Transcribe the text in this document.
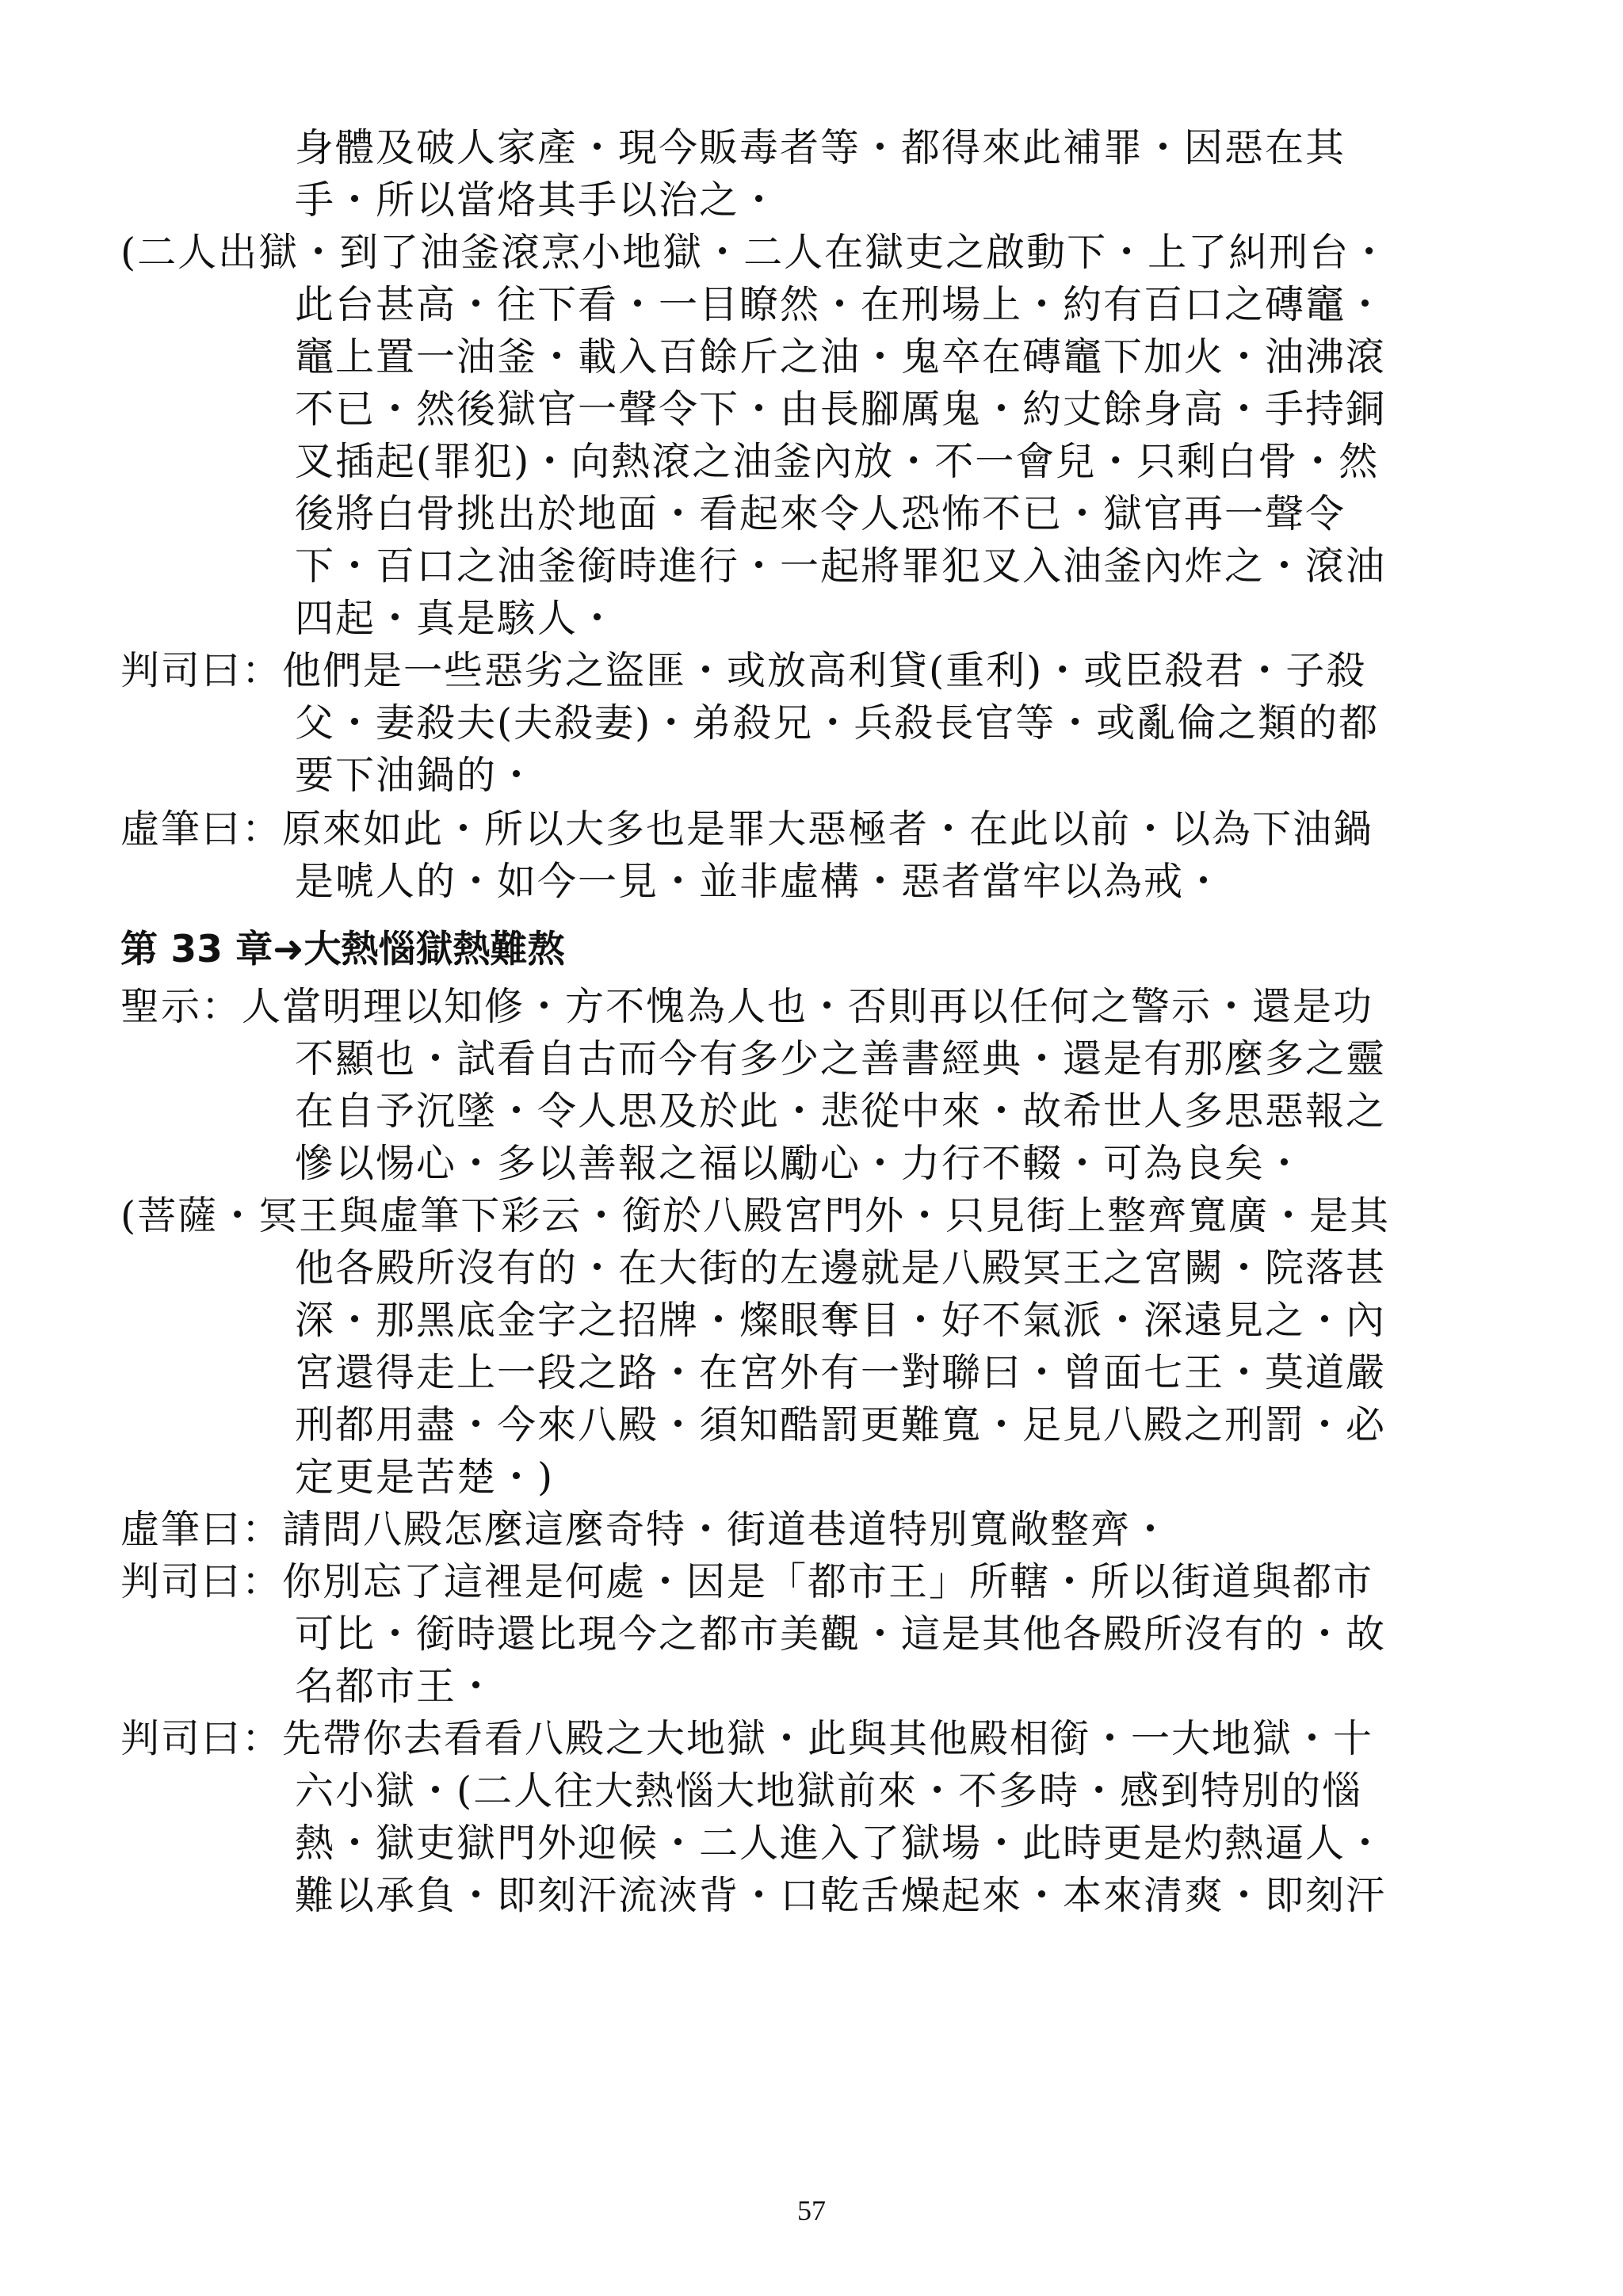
身體及破人家產・現今販毒者等・都得來此補罪・因惡在其
手・所以當烙其手以治之・
(二人出獄・到了油釜滾烹小地獄・二人在獄吏之啟動下・上了糾刑台・
此台甚高・往下看・一目瞭然・在刑場上・約有百口之磚竈・
竈上置一油釜・載入百餘斤之油・鬼卒在磚竈下加火・油沸滾
不已・然後獄官一聲令下・由長腳厲鬼・約丈餘身高・手持銅
叉插起(罪犯)・向熱滾之油釜內放・不一會兒・只剩白骨・然
後將白骨挑出於地面・看起來令人恐怖不已・獄官再一聲令
下・百口之油釜銜時進行・一起將罪犯叉入油釜內炸之・滾油
四起・真是駭人・
判司曰：他們是一些惡劣之盜匪・或放高利貸(重利)・或臣殺君・子殺
父・妻殺夫(夫殺妻)・弟殺兄・兵殺長官等・或亂倫之類的都
要下油鍋的・
虛筆曰：原來如此・所以大多也是罪大惡極者・在此以前・以為下油鍋
是唬人的・如今一見・並非虛構・惡者當牢以為戒・
第 33 章➜大熱惱獄熱難熬
聖示：人當明理以知修・方不愧為人也・否則再以任何之警示・還是功
不顯也・試看自古而今有多少之善書經典・還是有那麼多之靈
在自予沉墜・令人思及於此・悲從中來・故希世人多思惡報之
慘以惕心・多以善報之福以勵心・力行不輟・可為良矣・
(菩薩・冥王與虛筆下彩云・銜於八殿宮門外・只見街上整齊寬廣・是其
他各殿所沒有的・在大街的左邊就是八殿冥王之宮闕・院落甚
深・那黑底金字之招牌・燦眼奪目・好不氣派・深遠見之・內
宮還得走上一段之路・在宮外有一對聯曰・曾面七王・莫道嚴
刑都用盡・今來八殿・須知酷罰更難寬・足見八殿之刑罰・必
定更是苦楚・)
虛筆曰：請問八殿怎麼這麼奇特・街道巷道特別寬敞整齊・
判司曰：你別忘了這裡是何處・因是「都市王」所轄・所以街道與都市
可比・銜時還比現今之都市美觀・這是其他各殿所沒有的・故
名都市王・
判司曰：先帶你去看看八殿之大地獄・此與其他殿相銜・一大地獄・十
六小獄・(二人往大熱惱大地獄前來・不多時・感到特別的惱
熱・獄吏獄門外迎候・二人進入了獄場・此時更是灼熱逼人・
難以承負・即刻汗流浹背・口乾舌燥起來・本來清爽・即刻汗
57
